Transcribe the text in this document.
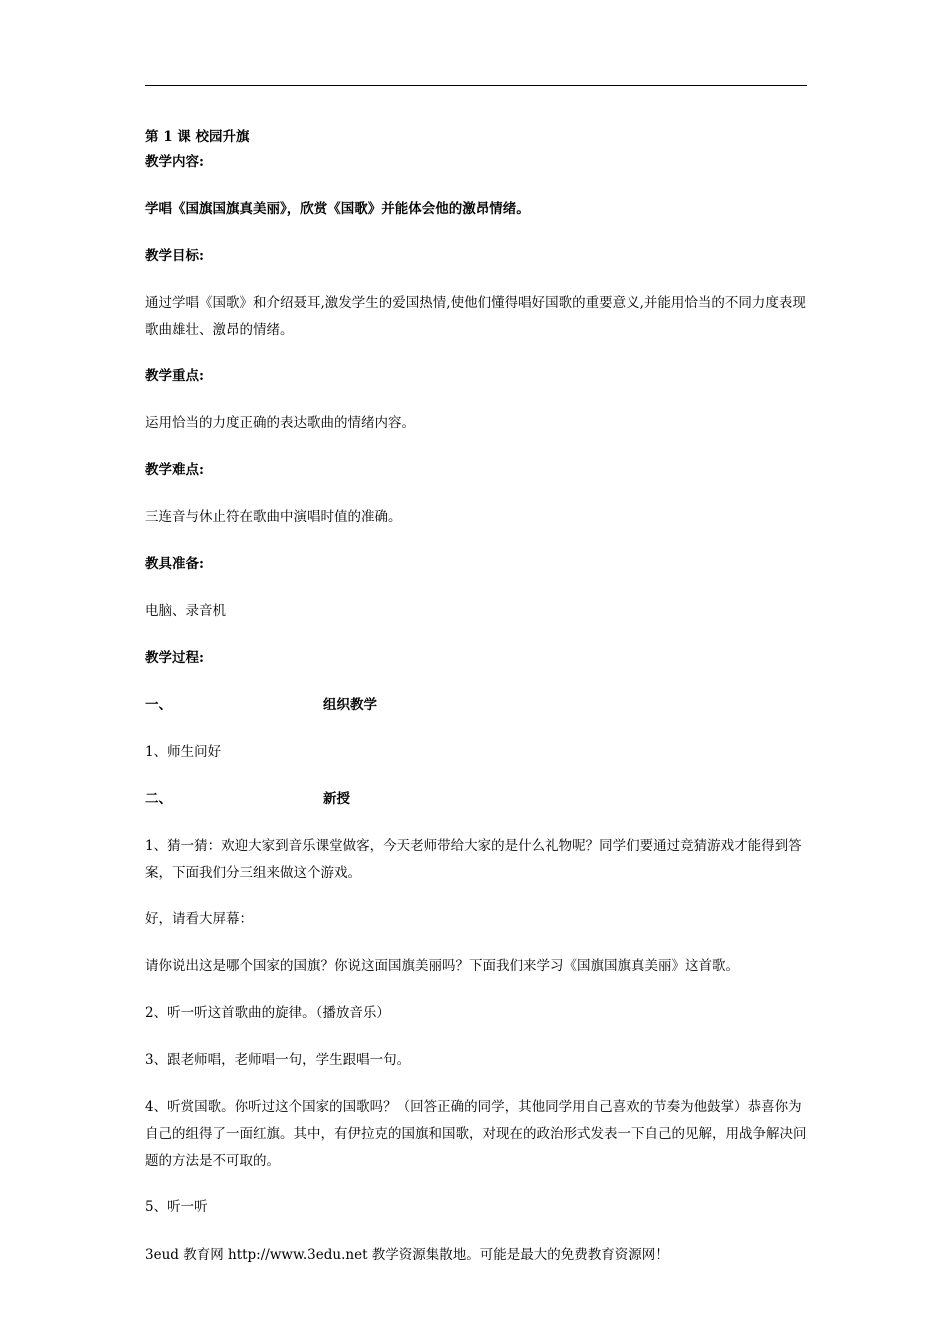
第 1 课 校园升旗
教学内容:
学唱《国旗国旗真美丽》，欣赏《国歌》并能体会他的激昂情绪。
教学目标:
通过学唱《国歌》和介绍聂耳,激发学生的爱国热情,使他们懂得唱好国歌的重要意义,并能用恰当的不同力度表现歌曲雄壮、激昂的情绪。
教学重点:
运用恰当的力度正确的表达歌曲的情绪内容。
教学难点:
三连音与休止符在歌曲中演唱时值的准确。
教具准备:
电脑、录音机
教学过程:
一、	组织教学
1、师生问好
二、	新授
1、猜一猜：欢迎大家到音乐课堂做客，今天老师带给大家的是什么礼物呢？同学们要通过竞猜游戏才能得到答案，下面我们分三组来做这个游戏。
好，请看大屏幕：
请你说出这是哪个国家的国旗？你说这面国旗美丽吗？下面我们来学习《国旗国旗真美丽》这首歌。
2、听一听这首歌曲的旋律。（播放音乐）
3、跟老师唱，老师唱一句，学生跟唱一句。
4、听赏国歌。你听过这个国家的国歌吗？（回答正确的同学，其他同学用自己喜欢的节奏为他鼓掌）恭喜你为自己的组得了一面红旗。其中，有伊拉克的国旗和国歌，对现在的政治形式发表一下自己的见解，用战争解决问题的方法是不可取的。
5、听一听
3eud 教育网 http://www.3edu.net 教学资源集散地。可能是最大的免费教育资源网！
